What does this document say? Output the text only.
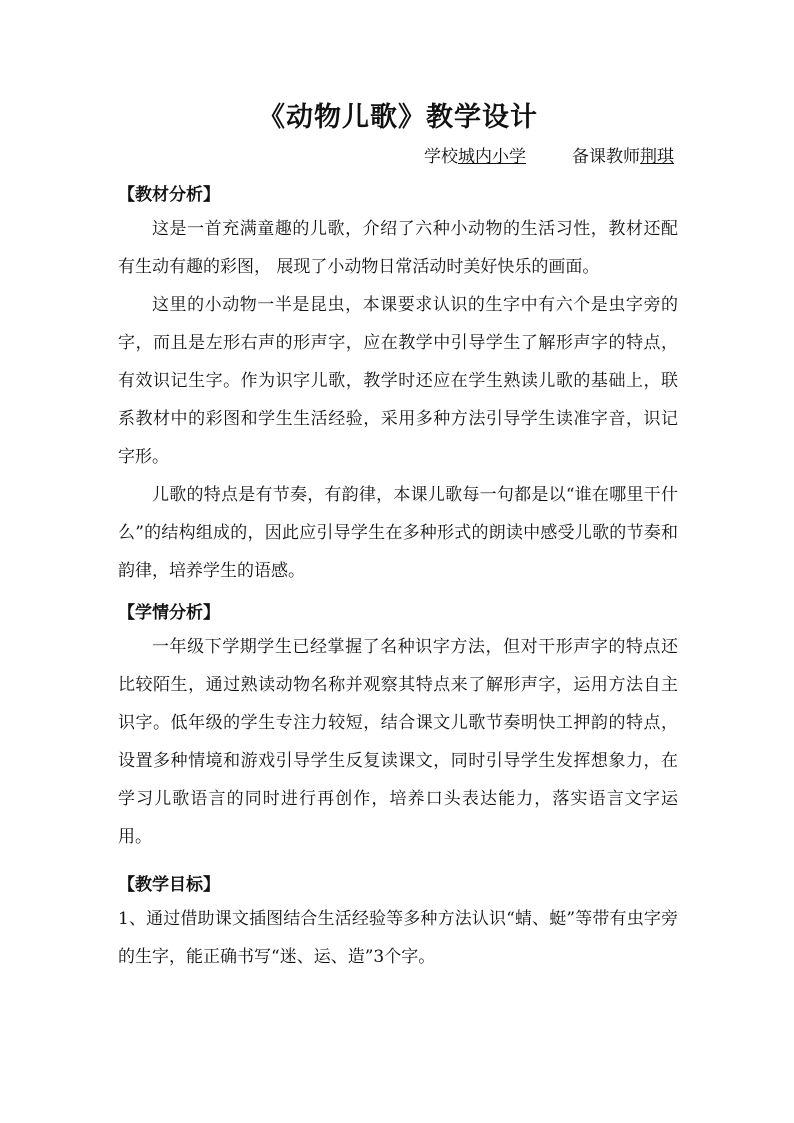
《动物儿歌》教学设计
学校城内小学	备课教师荆琪
【教材分析】

这是一首充满童趣的儿歌，介绍了六种小动物的生活习性，教材还配有生动有趣的彩图， 展现了小动物日常活动时美好快乐的画面。

这里的小动物一半是昆虫，本课要求认识的生字中有六个是虫字旁的字，而且是左形右声的形声字，应在教学中引导学生了解形声字的特点，有效识记生字。作为识字儿歌，教学时还应在学生熟读儿歌的基础上，联系教材中的彩图和学生生活经验，采用多种方法引导学生读准字音，识记字形。

儿歌的特点是有节奏，有韵律，本课儿歌每一句都是以“谁在哪里干什么”的结构组成的，因此应引导学生在多种形式的朗读中感受儿歌的节奏和韵律，培养学生的语感。

【学情分析】

一年级下学期学生已经掌握了名种识字方法，但对干形声字的特点还比较陌生，通过熟读动物名称并观察其特点来了解形声字，运用方法自主识字。低年级的学生专注力较短，结合课文儿歌节奏明快工押韵的特点，设置多种情境和游戏引导学生反复读课文，同时引导学生发挥想象力，在学习儿歌语言的同时进行再创作，培养口头表达能力，落实语言文字运用。

【教学目标】

1、通过借助课文插图结合生活经验等多种方法认识“蜻、蜓”等带有虫字旁的生字，能正确书写“迷、运、造”3个字。
